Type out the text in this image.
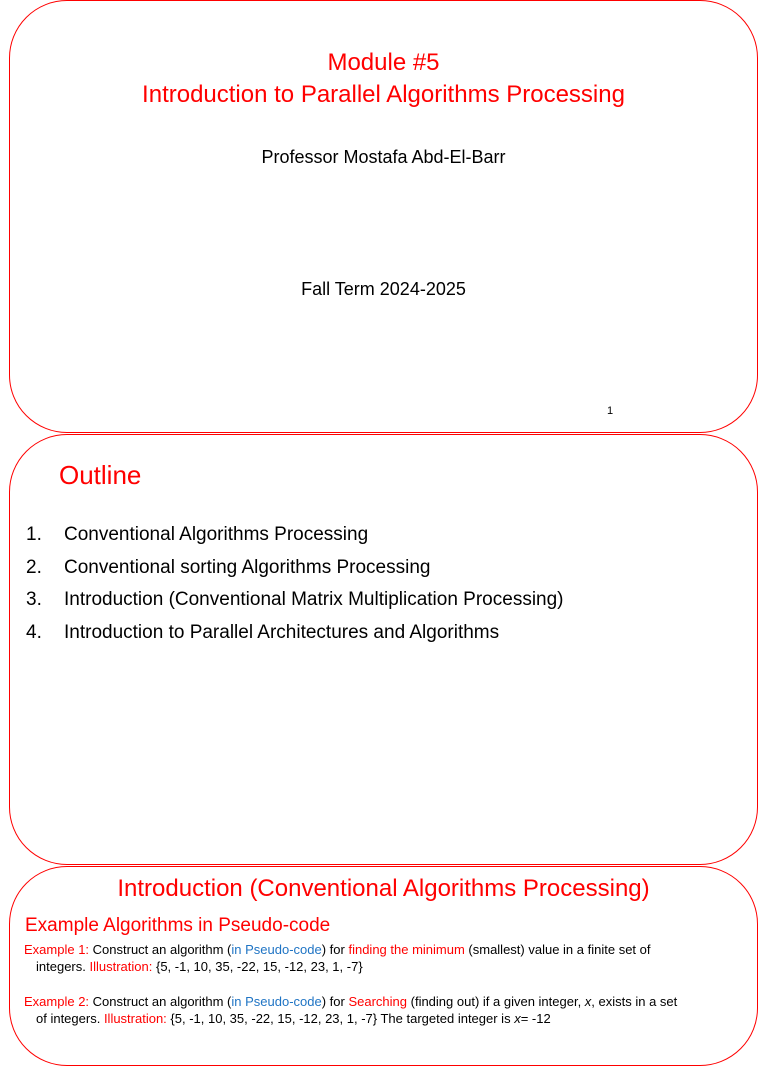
Module #5
Introduction to Parallel Algorithms Processing
Professor Mostafa Abd-El-Barr
Fall Term 2024-2025
1
Outline
1. Conventional Algorithms Processing
2. Conventional sorting Algorithms Processing
3. Introduction (Conventional Matrix Multiplication Processing)
4. Introduction to Parallel Architectures and Algorithms
Introduction (Conventional Algorithms Processing)
Example Algorithms in Pseudo-code
Example 1: Construct an algorithm (in Pseudo-code) for finding the minimum (smallest) value in a finite set of
integers. Illustration: {5, -1, 10, 35, -22, 15, -12, 23, 1, -7}
Example 2: Construct an algorithm (in Pseudo-code) for Searching (finding out) if a given integer, x, exists in a set
of integers. Illustration: {5, -1, 10, 35, -22, 15, -12, 23, 1, -7} The targeted integer is x= -12
